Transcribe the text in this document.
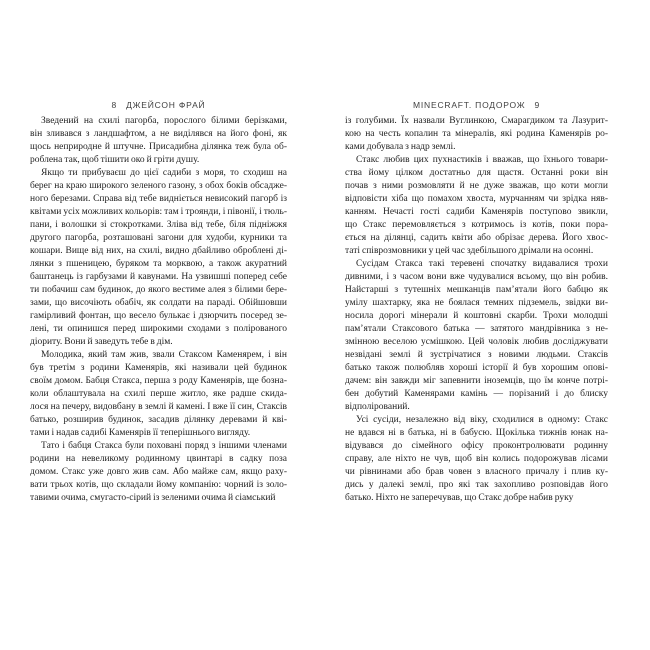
8 ДЖЕЙСОН ФРАЙ
Зведений на схилі пагорба, порослого білими берізками,
він зливався з ландшафтом, а не виділявся на його фоні, як
щось неприродне й штучне. Присадибна ділянка теж була об-
роблена так, щоб тішити око й гріти душу.
Якщо ти прибуваєш до цієї садиби з моря, то сходиш на
берег на краю широкого зеленого газону, з обох боків обсадже-
ного березами. Справа від тебе видніється невисокий пагорб із
квітами усіх можливих кольорів: там і троянди, і півонії, і тюль-
пани, і волошки зі стокротками. Зліва від тебе, біля підніжжя
другого пагорба, розташовані загони для худоби, курники та
кошари. Вище від них, на схилі, видно дбайливо оброблені ді-
лянки з пшеницею, буряком та морквою, а також акуратний
баштанець із гарбузами й кавунами. На узвишші поперед себе
ти побачиш сам будинок, до якого вестиме алея з білими бере-
зами, що височіють обабіч, як солдати на параді. Обійшовши
гамірливий фонтан, що весело булькає і дзюрчить посеред зе-
лені, ти опинишся перед широкими сходами з полірованого
діориту. Вони й заведуть тебе в дім.
Молодика, який там жив, звали Стаксом Каменярем, і він
був третім з родини Каменярів, які називали цей будинок
своїм домом. Бабця Стакса, перша з роду Каменярів, ще бозна-
коли облаштувала на схилі перше житло, яке радше скида-
лося на печеру, видовбану в землі й камені. І вже її син, Стаксів
батько, розширив будинок, засадив ділянку деревами й кві-
тами і надав садибі Каменярів її теперішнього вигляду.
Тато і бабця Стакса були поховані поряд з іншими членами
родини на невеликому родинному цвинтарі в садку поза
домом. Стакс уже довго жив сам. Або майже сам, якщо раху-
вати трьох котів, що складали йому компанію: чорний із золо-
тавими очима, смугасто-сірий із зеленими очима й сіамський
MINECRAFT. ПОДОРОЖ 9
із голубими. Їх назвали Вуглинкою, Смарагдиком та Лазурит-
кою на честь копалин та мінералів, які родина Каменярів ро-
ками добувала з надр землі.
Стакс любив цих пухнастиків і вважав, що їхнього товари-
ства йому цілком достатньо для щастя. Останні роки він
почав з ними розмовляти й не дуже зважав, що коти могли
відповісти хіба що помахом хвоста, мурчанням чи зрідка няв-
канням. Нечасті гості садиби Каменярів поступово звикли,
що Стакс перемовляється з котримось із котів, поки пора-
ється на ділянці, садить квіти або обрізає дерева. Його хвос-
таті співрозмовники у цей час здебільшого дрімали на осонні.
Сусідам Стакса такі теревені спочатку видавалися трохи
дивними, і з часом вони вже чудувалися всьому, що він робив.
Найстарші з тутешніх мешканців пам’ятали його бабцю як
умілу шахтарку, яка не боялася темних підземель, звідки ви-
носила дорогі мінерали й коштовні скарби. Трохи молодші
пам’ятали Стаксового батька — затятого мандрівника з не-
змінною веселою усмішкою. Цей чоловік любив досліджувати
незвідані землі й зустрічатися з новими людьми. Стаксів
батько також полюбляв хороші історії й був хорошим опові-
дачем: він завжди міг запевнити іноземців, що їм конче потрі-
бен добутий Каменярами камінь — порізаний і до блиску
відполірований.
Усі сусіди, незалежно від віку, сходилися в одному: Стакс
не вдався ні в батька, ні в бабусю. Щокілька тижнів юнак на-
відувався до сімейного офісу проконтролювати родинну
справу, але ніхто не чув, щоб він колись подорожував лісами
чи рівнинами або брав човен з власного причалу і плив ку-
дись у далекі землі, про які так захопливо розповідав його
батько. Ніхто не заперечував, що Стакс добре набив руку
